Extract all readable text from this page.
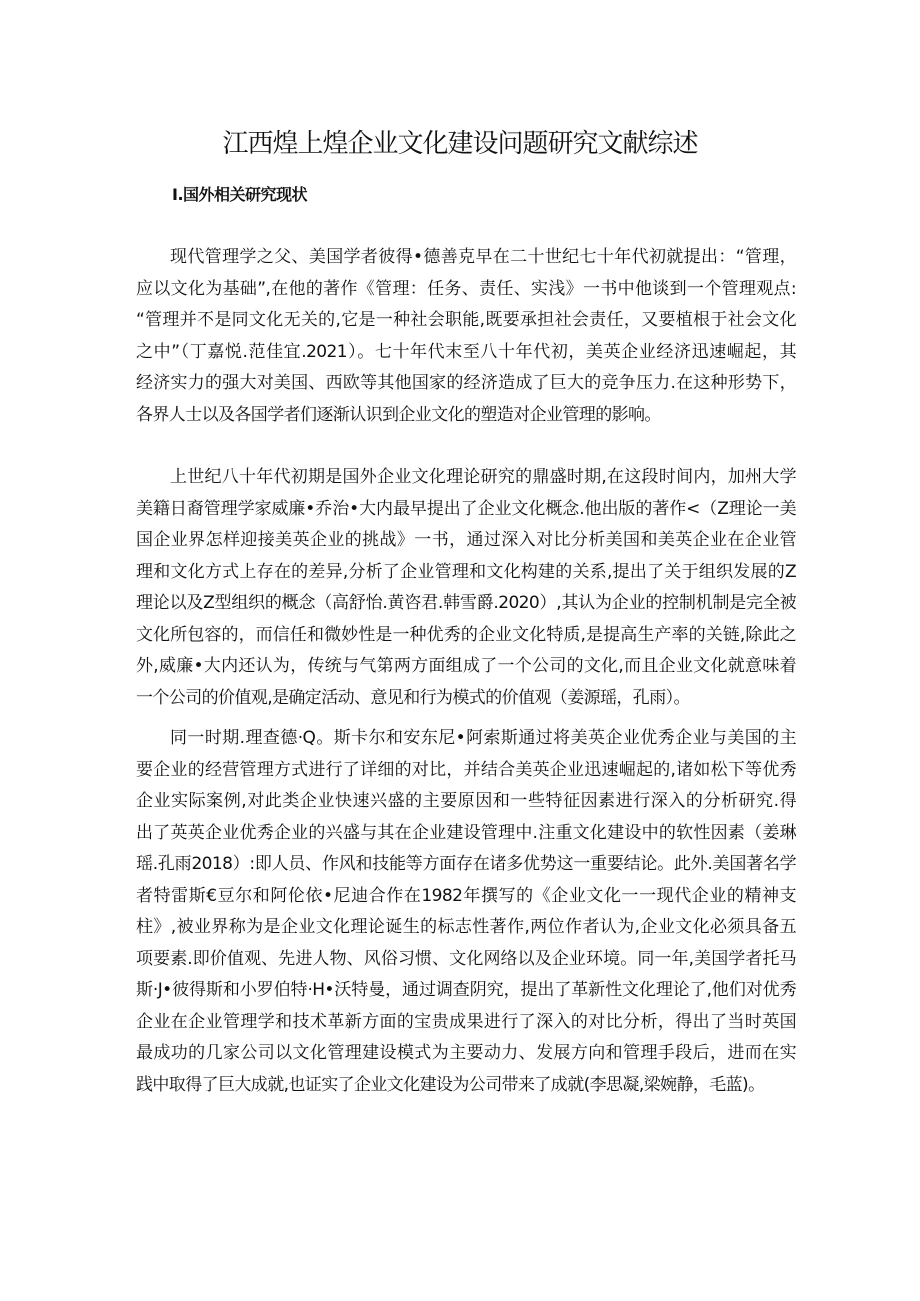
江西煌上煌企业文化建设问题研究文献综述
I.国外相关研究现状
现代管理学之父、美国学者彼得•德善克早在二十世纪七十年代初就提出：“管理，
应以文化为基础”,在他的著作《管理：任务、责任、实浅》一书中他谈到一个管理观点:
“管理并不是同文化无关的,它是一种社会职能,既要承担社会责任，又要植根于社会文化
之中”（丁嘉悦.范佳宜.2021）。七十年代末至八十年代初，美英企业经济迅速崛起，其
经济实力的强大对美国、西欧等其他国家的经济造成了巨大的竞争压力.在这种形势下，
各界人士以及各国学者们逐渐认识到企业文化的塑造对企业管理的影响。
上世纪八十年代初期是国外企业文化理论研究的鼎盛时期,在这段时间内，加州大学
美籍日裔管理学家威廉•乔治•大内最早提出了企业文化概念.他出版的著作<（Z理论一美
国企业界怎样迎接美英企业的挑战》一书，通过深入对比分析美国和美英企业在企业管
理和文化方式上存在的差异,分析了企业管理和文化构建的关系,提出了关于组织发展的Z
理论以及Z型组织的概念（高舒怡.黄咨君.韩雪爵.2020）,其认为企业的控制机制是完全被
文化所包容的，而信任和微妙性是一种优秀的企业文化特质,是提高生产率的关链,除此之
外,威廉•大内还认为，传统与气第两方面组成了一个公司的文化,而且企业文化就意味着
一个公司的价值观,是确定活动、意见和行为模式的价值观（姜源瑶，孔雨）。
同一时期.理查德·Q。斯卡尔和安东尼•阿索斯通过将美英企业优秀企业与美国的主
要企业的经营管理方式进行了详细的对比，并结合美英企业迅速崛起的,诸如松下等优秀
企业实际案例,对此类企业快速兴盛的主要原因和一些特征因素进行深入的分析研究.得
出了英英企业优秀企业的兴盛与其在企业建设管理中.注重文化建设中的软性因素（姜琳
瑶.孔雨2018）:即人员、作风和技能等方面存在诸多优势这一重要结论。此外.美国著名学
者特雷斯€豆尔和阿伦依•尼迪合作在1982年撰写的《企业文化一一现代企业的精神支
柱》,被业界称为是企业文化理论诞生的标志性著作,两位作者认为,企业文化必须具备五
项要素.即价值观、先进人物、风俗习惯、文化网络以及企业环境。同一年,美国学者托马
斯·J•彼得斯和小罗伯特·H•沃特曼，通过调查阴究，提出了革新性文化理论了,他们对优秀
企业在企业管理学和技术革新方面的宝贵成果进行了深入的对比分析，得出了当时英国
最成功的几家公司以文化管理建设模式为主要动力、发展方向和管理手段后，进而在实
践中取得了巨大成就,也证实了企业文化建设为公司带来了成就(李思凝,梁婉静，毛蓝)。
